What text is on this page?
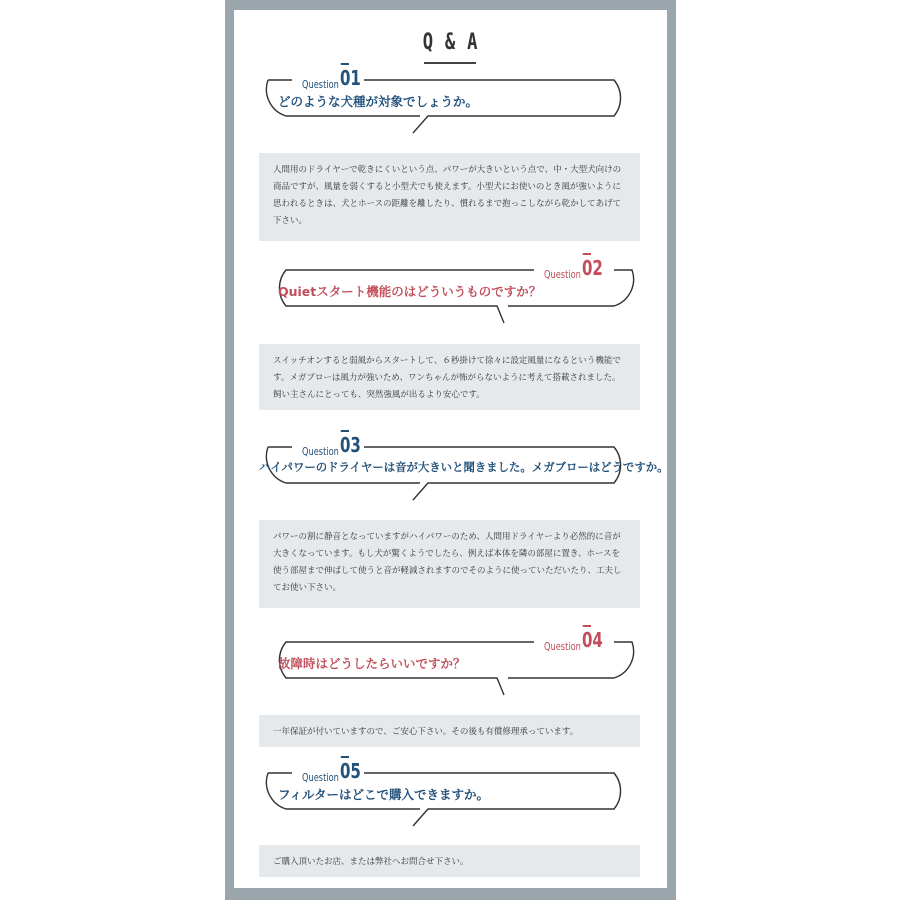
Q & A
Question 01
どのような犬種が対象でしょうか。
人間用のドライヤーで乾きにくいという点、パワーが大きいという点で、中・大型犬向けの商品ですが、風量を弱くすると小型犬でも使えます。小型犬にお使いのとき風が強いように思われるときは、犬とホースの距離を離したり、慣れるまで抱っこしながら乾かしてあげて下さい。
Question 02
Quietスタート機能のはどういうものですか？
スイッチオンすると弱風からスタートして、６秒掛けて徐々に設定風量になるという機能です。メガブローは風力が強いため、ワンちゃんが怖がらないように考えて搭載されました。飼い主さんにとっても、突然強風が出るより安心です。
Question 03
ハイパワーのドライヤーは音が大きいと聞きました。メガブローはどうですか。
パワーの割に静音となっていますがハイパワーのため、人間用ドライヤーより必然的に音が大きくなっています。もし犬が驚くようでしたら、例えば本体を隣の部屋に置き、ホースを使う部屋まで伸ばして使うと音が軽減されますのでそのように使っていただいたり、工夫してお使い下さい。
Question 04
故障時はどうしたらいいですか？
一年保証が付いていますので、ご安心下さい。その後も有償修理承っています。
Question 05
フィルターはどこで購入できますか。
ご購入頂いたお店、または弊社へお問合せ下さい。
